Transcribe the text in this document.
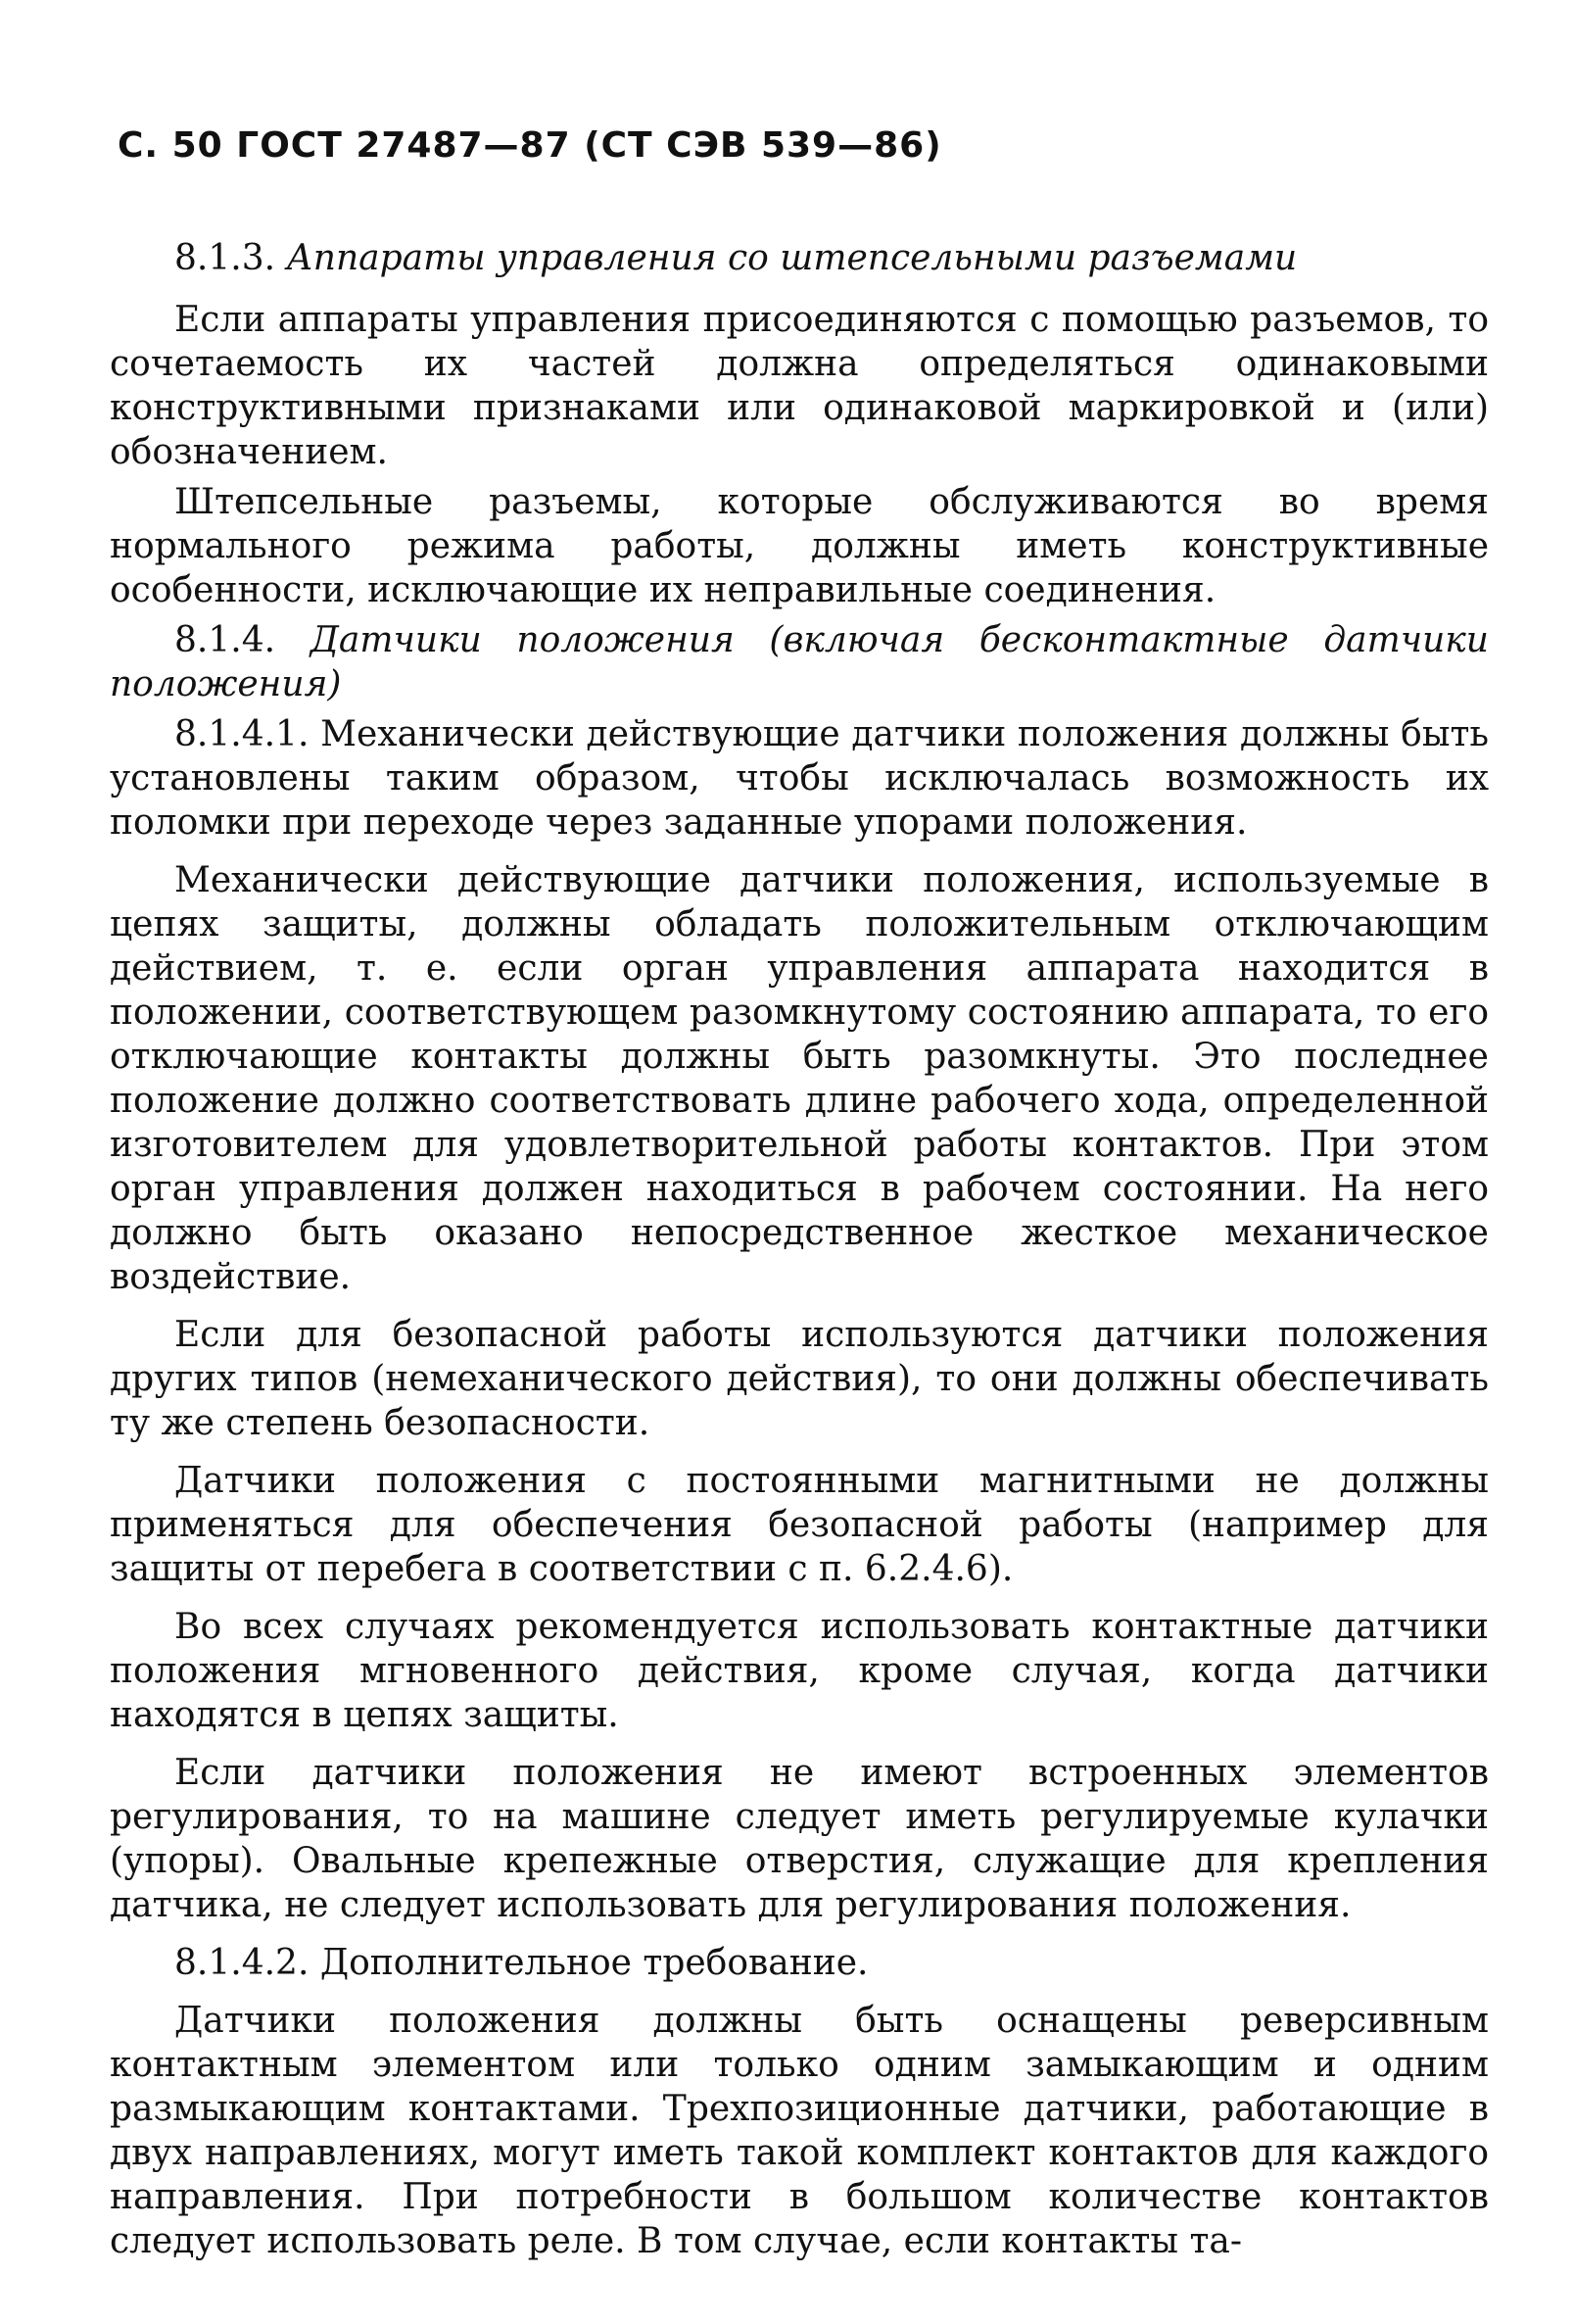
С. 50 ГОСТ 27487—87 (СТ СЭВ 539—86)

8.1.3. Аппараты управления со штепсельными разъемами

Если аппараты управления присоединяются с помощью разъемов, то сочетаемость их частей должна определяться одинаковыми конструктивными признаками или одинаковой маркировкой и (или) обозначением.

Штепсельные разъемы, которые обслуживаются во время нормального режима работы, должны иметь конструктивные особенности, исключающие их неправильные соединения.

8.1.4. Датчики положения (включая бесконтактные датчики положения)

8.1.4.1. Механически действующие датчики положения должны быть установлены таким образом, чтобы исключалась возможность их поломки при переходе через заданные упорами положения.

Механически действующие датчики положения, используемые в цепях защиты, должны обладать положительным отключающим действием, т. е. если орган управления аппарата находится в положении, соответствующем разомкнутому состоянию аппарата, то его отключающие контакты должны быть разомкнуты. Это последнее положение должно соответствовать длине рабочего хода, определенной изготовителем для удовлетворительной работы контактов. При этом орган управления должен находиться в рабочем состоянии. На него должно быть оказано непосредственное жесткое механическое воздействие.

Если для безопасной работы используются датчики положения других типов (немеханического действия), то они должны обеспечивать ту же степень безопасности.

Датчики положения с постоянными магнитными не должны применяться для обеспечения безопасной работы (например для защиты от перебега в соответствии с п. 6.2.4.6).

Во всех случаях рекомендуется использовать контактные датчики положения мгновенного действия, кроме случая, когда датчики находятся в цепях защиты.

Если датчики положения не имеют встроенных элементов регулирования, то на машине следует иметь регулируемые кулачки (упоры). Овальные крепежные отверстия, служащие для крепления датчика, не следует использовать для регулирования положения.

8.1.4.2. Дополнительное требование.

Датчики положения должны быть оснащены реверсивным контактным элементом или только одним замыкающим и одним размыкающим контактами. Трехпозиционные датчики, работающие в двух направлениях, могут иметь такой комплект контактов для каждого направления. При потребности в большом количестве контактов следует использовать реле. В том случае, если контакты та-
